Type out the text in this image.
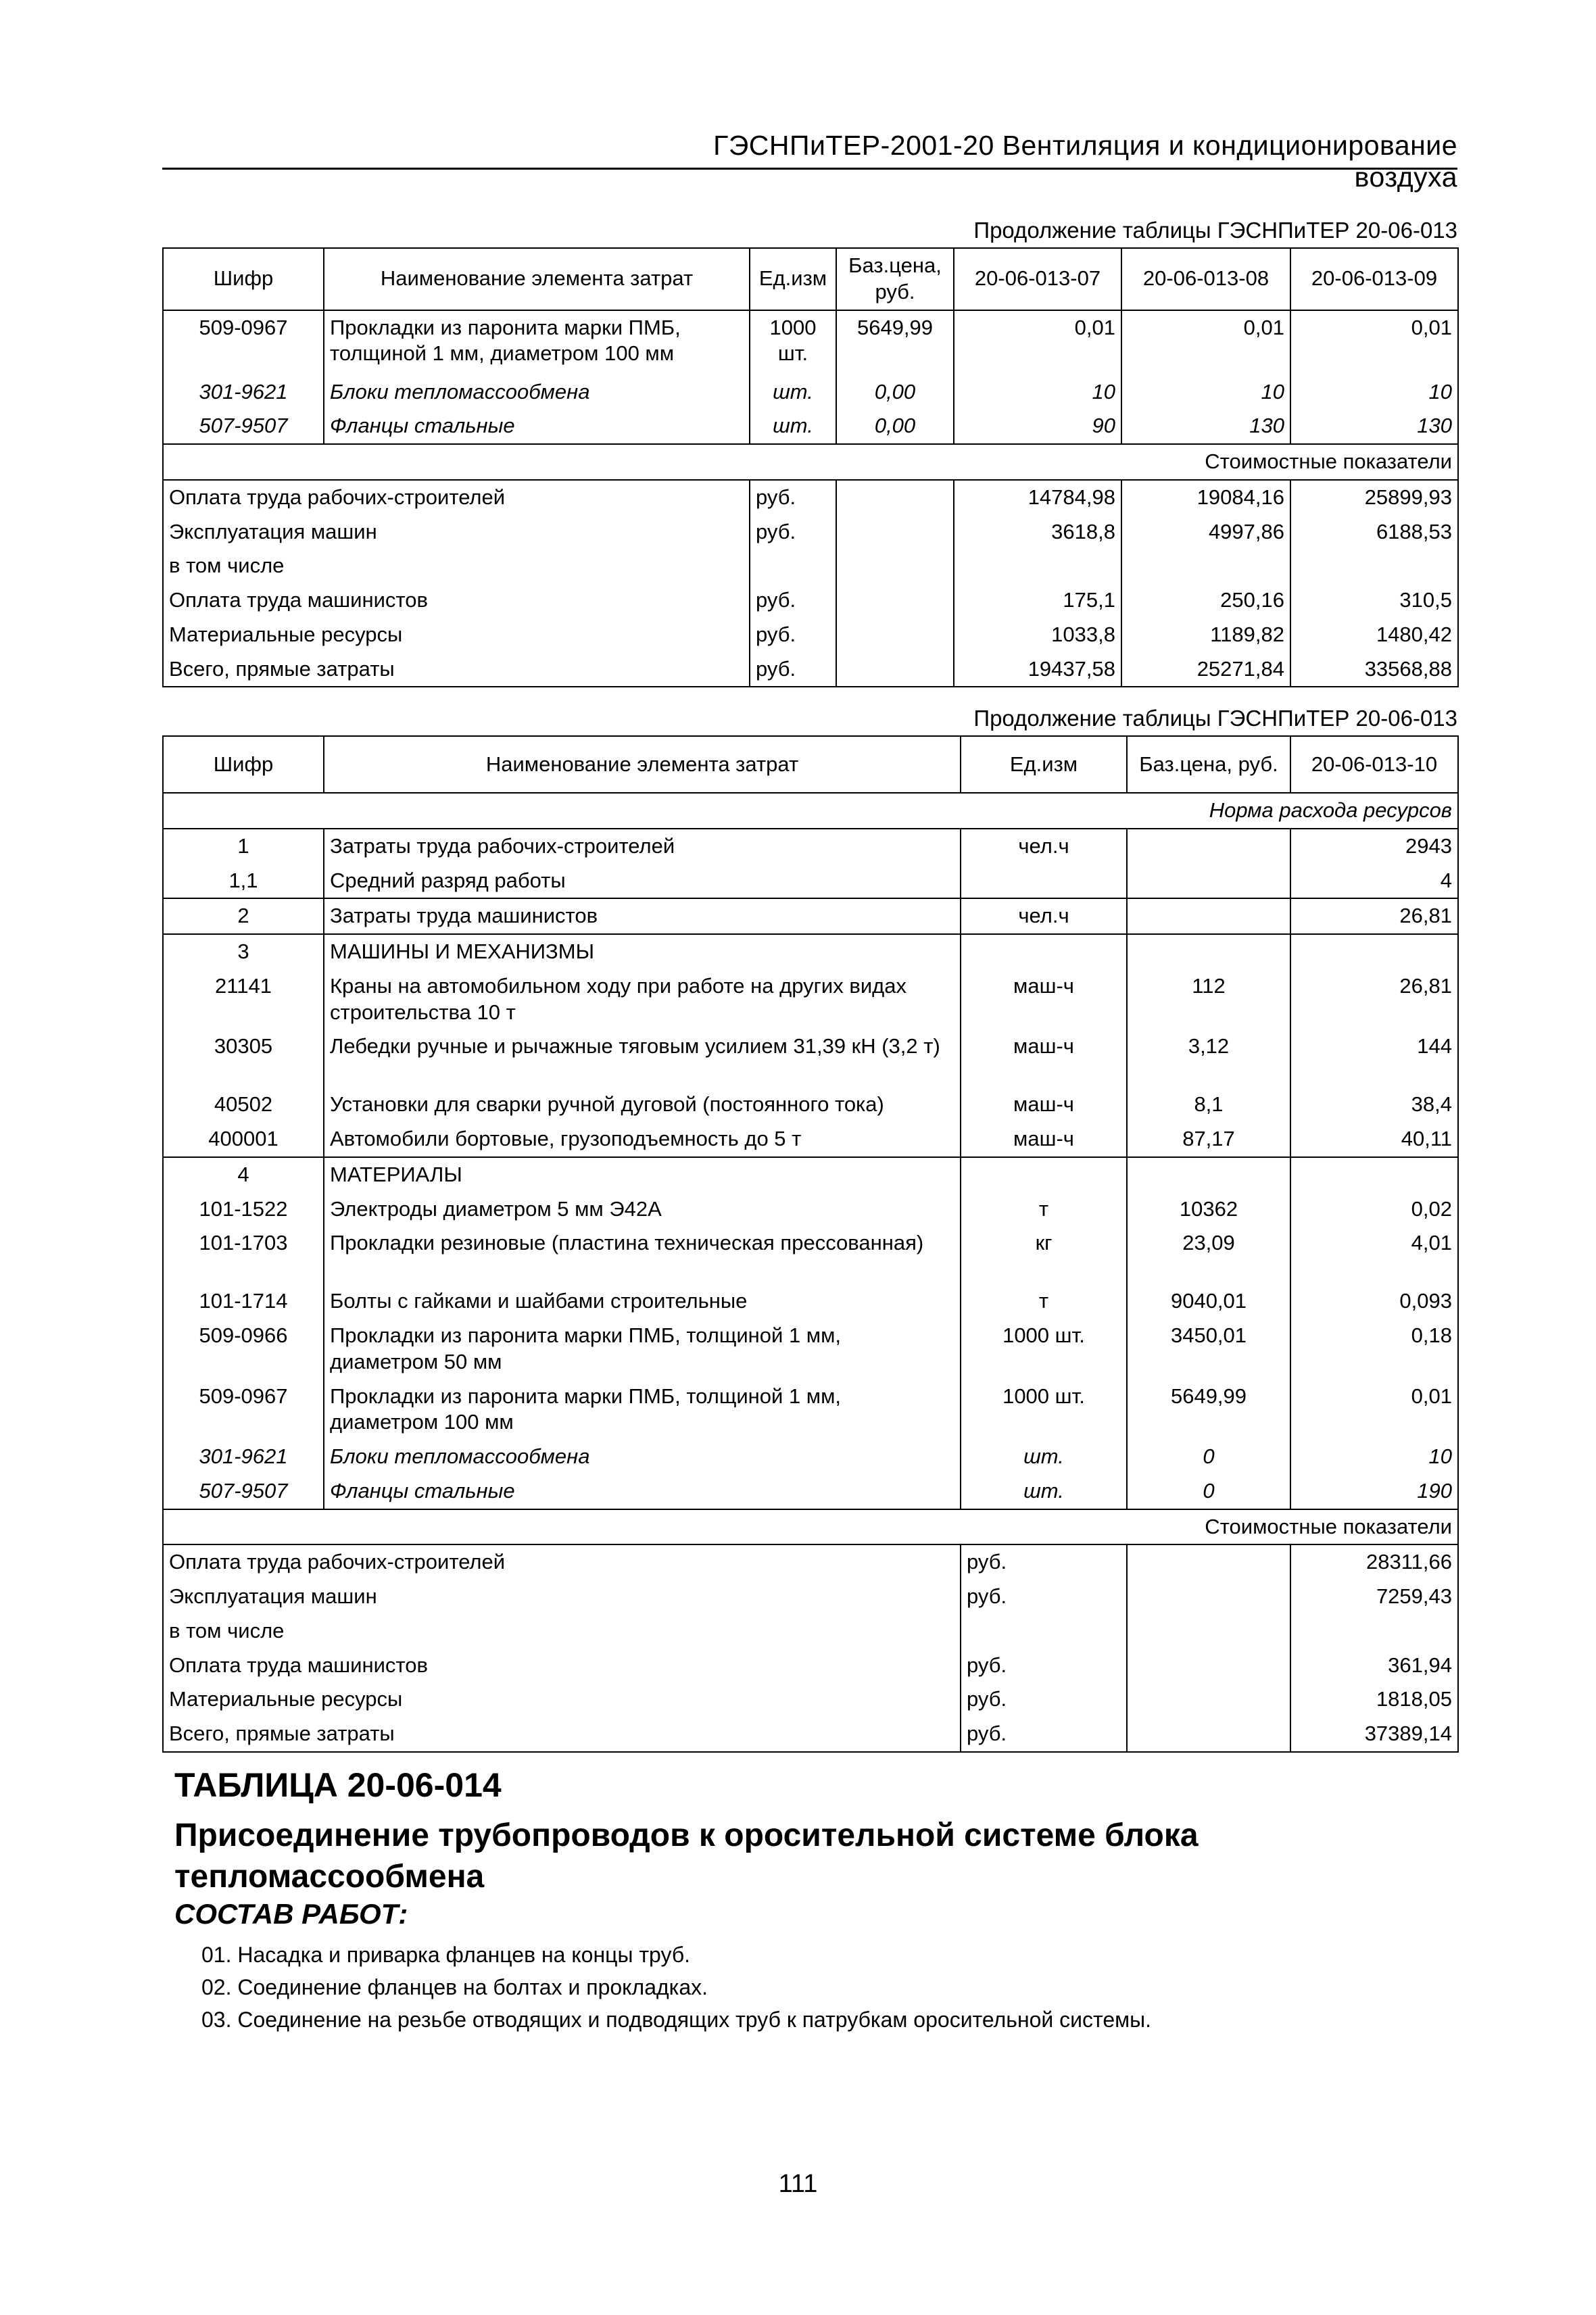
ГЭСНПиТЕР-2001-20 Вентиляция и кондиционирование воздуха
Продолжение таблицы ГЭСНПиТЕР 20-06-013
Шифр	Наименование элемента затрат	Ед.изм	Баз.цена, руб.	20-06-013-07	20-06-013-08	20-06-013-09
509-0967	Прокладки из паронита марки ПМБ, толщиной 1 мм, диаметром 100 мм	1000 шт.	5649,99	0,01	0,01	0,01
301-9621	Блоки тепломассообмена	шт.	0,00	10	10	10
507-9507	Фланцы стальные	шт.	0,00	90	130	130
Стоимостные показатели						
Оплата труда рабочих-строителей		руб.		14784,98	19084,16	25899,93
Эксплуатация машин		руб.		3618,8	4997,86	6188,53
в том числе						
Оплата труда машинистов		руб.		175,1	250,16	310,5
Материальные ресурсы		руб.		1033,8	1189,82	1480,42
Всего, прямые затраты		руб.		19437,58	25271,84	33568,88
Продолжение таблицы ГЭСНПиТЕР 20-06-013
Шифр	Наименование элемента затрат	Ед.изм	Баз.цена, руб.	20-06-013-10
Норма расхода ресурсов				
1	Затраты труда рабочих-строителей	чел.ч		2943
1,1	Средний разряд работы			4
2	Затраты труда машинистов	чел.ч		26,81
3	МАШИНЫ И МЕХАНИЗМЫ			
21141	Краны на автомобильном ходу при работе на других видах строительства 10 т	маш-ч	112	26,81
30305	Лебедки ручные и рычажные тяговым усилием 31,39 кН (3,2 т)	маш-ч	3,12	144
40502	Установки для сварки ручной дуговой (постоянного тока)	маш-ч	8,1	38,4
400001	Автомобили бортовые, грузоподъемность до 5 т	маш-ч	87,17	40,11
4	МАТЕРИАЛЫ			
101-1522	Электроды диаметром 5 мм Э42А	т	10362	0,02
101-1703	Прокладки резиновые (пластина техническая прессованная)	кг	23,09	4,01
101-1714	Болты с гайками и шайбами строительные	т	9040,01	0,093
509-0966	Прокладки из паронита марки ПМБ, толщиной 1 мм, диаметром 50 мм	1000 шт.	3450,01	0,18
509-0967	Прокладки из паронита марки ПМБ, толщиной 1 мм, диаметром 100 мм	1000 шт.	5649,99	0,01
301-9621	Блоки тепломассообмена	шт.	0	10
507-9507	Фланцы стальные	шт.	0	190
Стоимостные показатели				
Оплата труда рабочих-строителей		руб.		28311,66
Эксплуатация машин		руб.		7259,43
в том числе				
Оплата труда машинистов		руб.		361,94
Материальные ресурсы		руб.		1818,05
Всего, прямые затраты		руб.		37389,14
ТАБЛИЦА 20-06-014
Присоединение трубопроводов к оросительной системе блока тепломассообмена
СОСТАВ РАБОТ:
01. Насадка и приварка фланцев на концы труб.
02. Соединение фланцев на болтах и прокладках.
03. Соединение на резьбе отводящих и подводящих труб к патрубкам оросительной системы.
111
